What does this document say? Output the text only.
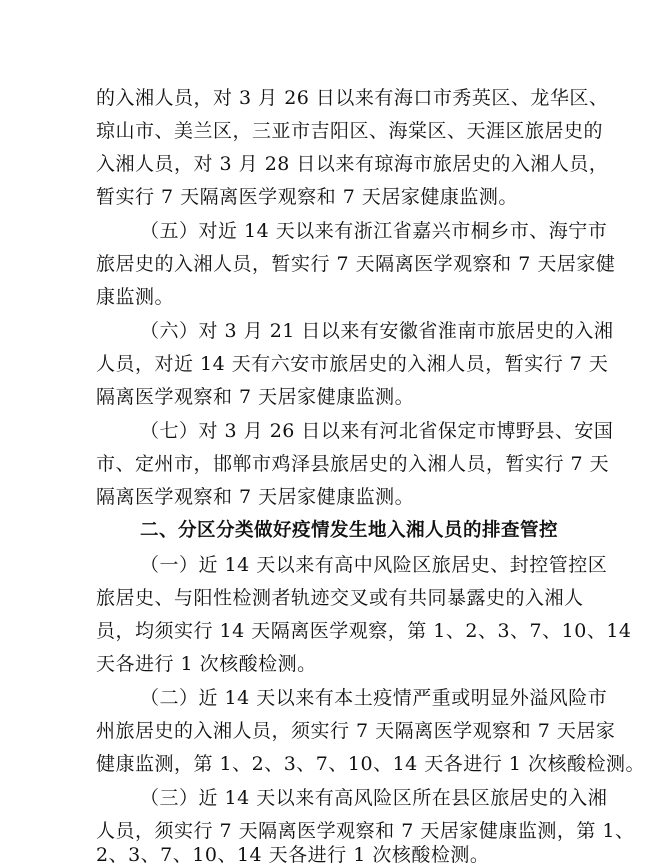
的入湘人员，对 3 月 26 日以来有海口市秀英区、龙华区、
琼山市、美兰区，三亚市吉阳区、海棠区、天涯区旅居史的
入湘人员，对 3 月 28 日以来有琼海市旅居史的入湘人员，
暂实行 7 天隔离医学观察和 7 天居家健康监测。
（五）对近 14 天以来有浙江省嘉兴市桐乡市、海宁市
旅居史的入湘人员，暂实行 7 天隔离医学观察和 7 天居家健
康监测。
（六）对 3 月 21 日以来有安徽省淮南市旅居史的入湘
人员，对近 14 天有六安市旅居史的入湘人员，暂实行 7 天
隔离医学观察和 7 天居家健康监测。
（七）对 3 月 26 日以来有河北省保定市博野县、安国
市、定州市，邯郸市鸡泽县旅居史的入湘人员，暂实行 7 天
隔离医学观察和 7 天居家健康监测。
二、分区分类做好疫情发生地入湘人员的排查管控
（一）近 14 天以来有高中风险区旅居史、封控管控区
旅居史、与阳性检测者轨迹交叉或有共同暴露史的入湘人
员，均须实行 14 天隔离医学观察，第 1、2、3、7、10、14
天各进行 1 次核酸检测。
（二）近 14 天以来有本土疫情严重或明显外溢风险市
州旅居史的入湘人员，须实行 7 天隔离医学观察和 7 天居家
健康监测，第 1、2、3、7、10、14 天各进行 1 次核酸检测。
（三）近 14 天以来有高风险区所在县区旅居史的入湘
人员，须实行 7 天隔离医学观察和 7 天居家健康监测，第 1、
2、3、7、10、14 天各进行 1 次核酸检测。
